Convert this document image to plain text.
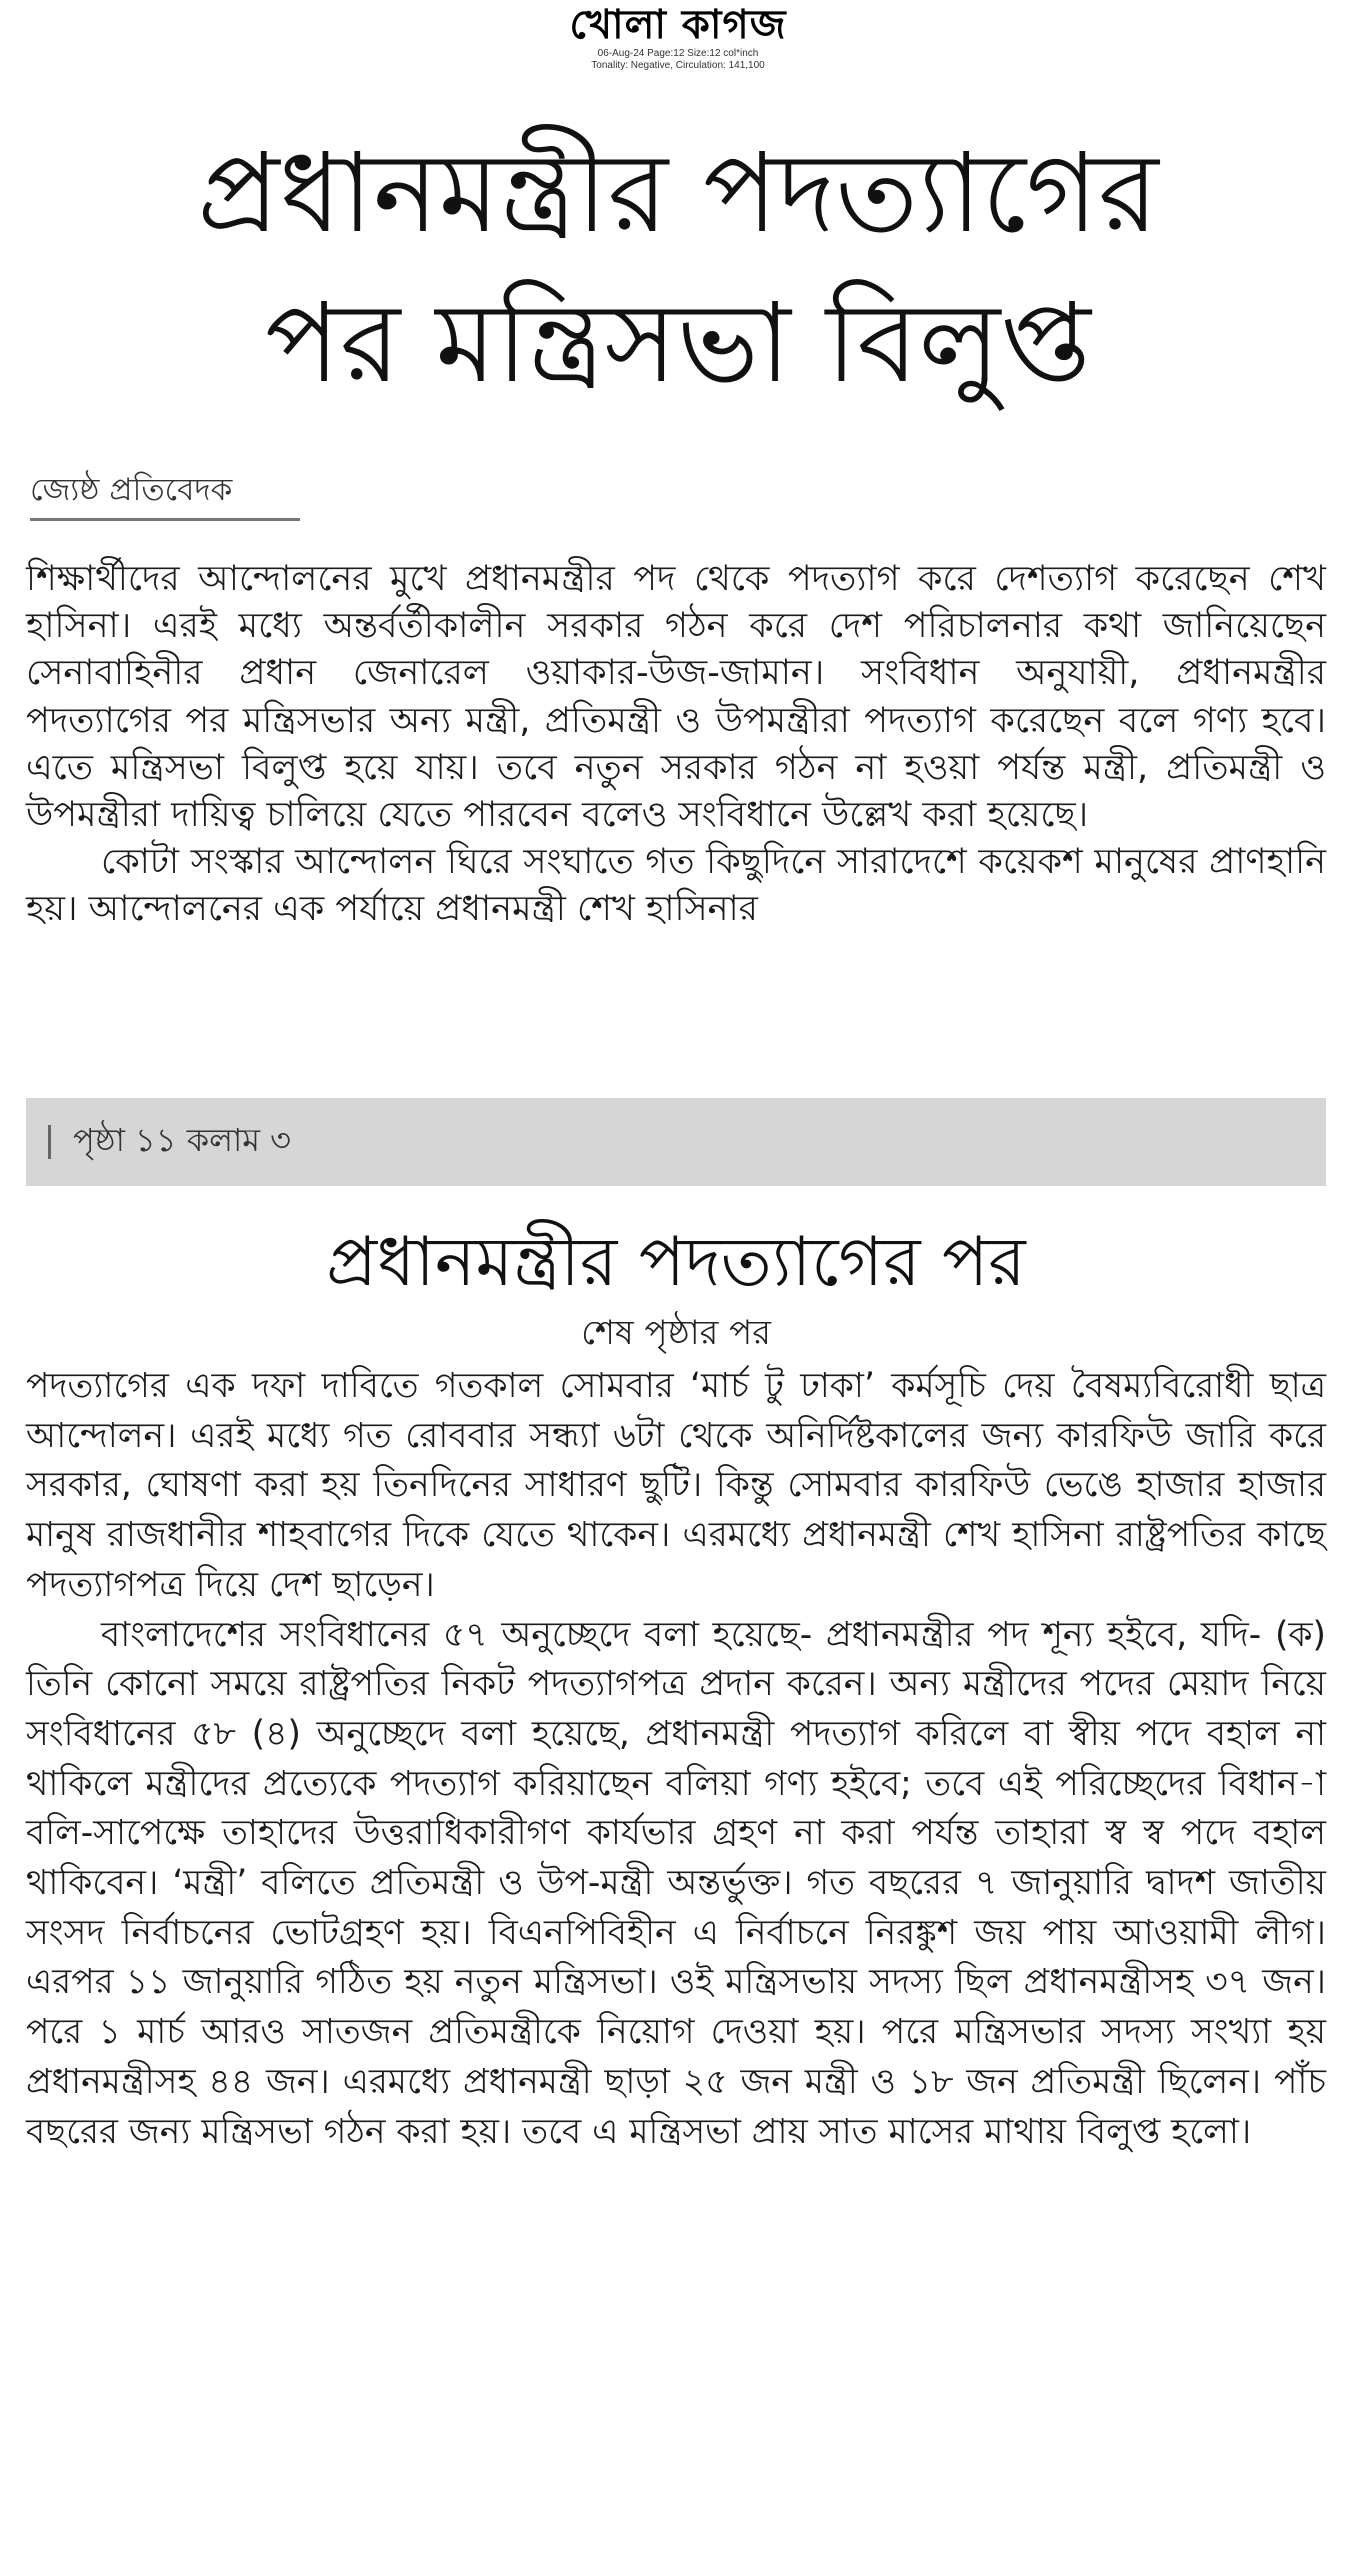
খোলা কাগজ
06-Aug-24 Page:12 Size:12 col*inch
Tonality: Negative, Circulation: 141,100
প্রধানমন্ত্রীর পদত্যাগের
পর মন্ত্রিসভা বিলুপ্ত
জ্যেষ্ঠ প্রতিবেদক

শিক্ষার্থীদের আন্দোলনের মুখে প্রধানমন্ত্রীর পদ থেকে পদত্যাগ করে দেশত্যাগ করেছেন শেখ হাসিনা। এরই মধ্যে অন্তর্বর্তীকালীন সরকার গঠন করে দেশ পরিচালনার কথা জানিয়েছেন সেনাবাহিনীর প্রধান জেনারেল ওয়াকার-উজ-জামান। সংবিধান অনুযায়ী, প্রধানমন্ত্রীর পদত্যাগের পর মন্ত্রিসভার অন্য মন্ত্রী, প্রতিমন্ত্রী ও উপমন্ত্রীরা পদত্যাগ করেছেন বলে গণ্য হবে। এতে মন্ত্রিসভা বিলুপ্ত হয়ে যায়। তবে নতুন সরকার গঠন না হওয়া পর্যন্ত মন্ত্রী, প্রতিমন্ত্রী ও উপমন্ত্রীরা দায়িত্ব চালিয়ে যেতে পারবেন বলেও সংবিধানে উল্লেখ করা হয়েছে।

কোটা সংস্কার আন্দোলন ঘিরে সংঘাতে গত কিছুদিনে সারাদেশে কয়েকশ মানুষের প্রাণহানি হয়। আন্দোলনের এক পর্যায়ে প্রধানমন্ত্রী শেখ হাসিনার

পৃষ্ঠা ১১ কলাম ৩
প্রধানমন্ত্রীর পদত্যাগের পর
শেষ পৃষ্ঠার পর

পদত্যাগের এক দফা দাবিতে গতকাল সোমবার ‘মার্চ টু ঢাকা’ কর্মসূচি দেয় বৈষম্যবিরোধী ছাত্র আন্দোলন। এরই মধ্যে গত রোববার সন্ধ্যা ৬টা থেকে অনির্দিষ্টকালের জন্য কারফিউ জারি করে সরকার, ঘোষণা করা হয় তিনদিনের সাধারণ ছুটি। কিন্তু সোমবার কারফিউ ভেঙে হাজার হাজার মানুষ রাজধানীর শাহবাগের দিকে যেতে থাকেন। এরমধ্যে প্রধানমন্ত্রী শেখ হাসিনা রাষ্ট্রপতির কাছে পদত্যাগপত্র দিয়ে দেশ ছাড়েন।

বাংলাদেশের সংবিধানের ৫৭ অনুচ্ছেদে বলা হয়েছে- প্রধানমন্ত্রীর পদ শূন্য হইবে, যদি- (ক) তিনি কোনো সময়ে রাষ্ট্রপতির নিকট পদত্যাগপত্র প্রদান করেন। অন্য মন্ত্রীদের পদের মেয়াদ নিয়ে সংবিধানের ৫৮ (৪) অনুচ্ছেদে বলা হয়েছে, প্রধানমন্ত্রী পদত্যাগ করিলে বা স্বীয় পদে বহাল না থাকিলে মন্ত্রীদের প্রত্যেকে পদত্যাগ করিয়াছেন বলিয়া গণ্য হইবে; তবে এই পরিচ্ছেদের বিধান-াবলি-সাপেক্ষে তাহাদের উত্তরাধিকারীগণ কার্যভার গ্রহণ না করা পর্যন্ত তাহারা স্ব স্ব পদে বহাল থাকিবেন। ‘মন্ত্রী’ বলিতে প্রতিমন্ত্রী ও উপ-মন্ত্রী অন্তর্ভুক্ত। গত বছরের ৭ জানুয়ারি দ্বাদশ জাতীয় সংসদ নির্বাচনের ভোটগ্রহণ হয়। বিএনপিবিহীন এ নির্বাচনে নিরঙ্কুশ জয় পায় আওয়ামী লীগ। এরপর ১১ জানুয়ারি গঠিত হয় নতুন মন্ত্রিসভা। ওই মন্ত্রিসভায় সদস্য ছিল প্রধানমন্ত্রীসহ ৩৭ জন। পরে ১ মার্চ আরও সাতজন প্রতিমন্ত্রীকে নিয়োগ দেওয়া হয়। পরে মন্ত্রিসভার সদস্য সংখ্যা হয় প্রধানমন্ত্রীসহ ৪৪ জন। এরমধ্যে প্রধানমন্ত্রী ছাড়া ২৫ জন মন্ত্রী ও ১৮ জন প্রতিমন্ত্রী ছিলেন। পাঁচ বছরের জন্য মন্ত্রিসভা গঠন করা হয়। তবে এ মন্ত্রিসভা প্রায় সাত মাসের মাথায় বিলুপ্ত হলো।
